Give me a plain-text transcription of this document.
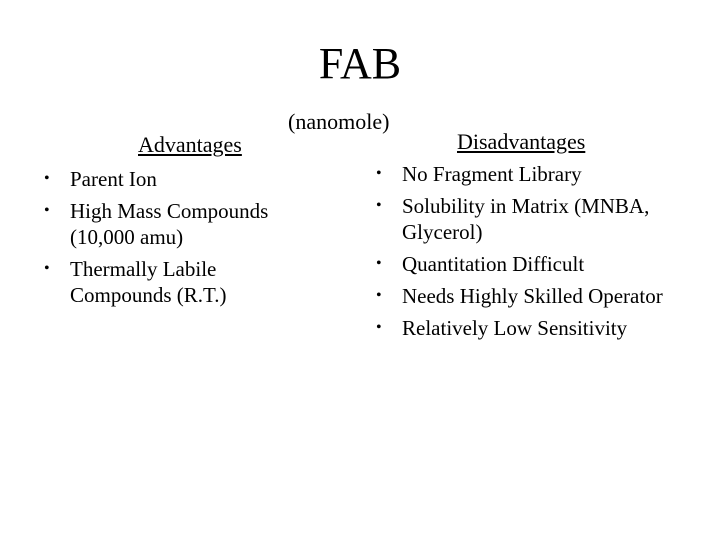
FAB
(nanomole)
Advantages
• Parent Ion
• High Mass Compounds (10,000 amu)
• Thermally Labile Compounds (R.T.)
Disadvantages
• No Fragment Library
• Solubility in Matrix (MNBA, Glycerol)
• Quantitation Difficult
• Needs Highly Skilled Operator
• Relatively Low Sensitivity
